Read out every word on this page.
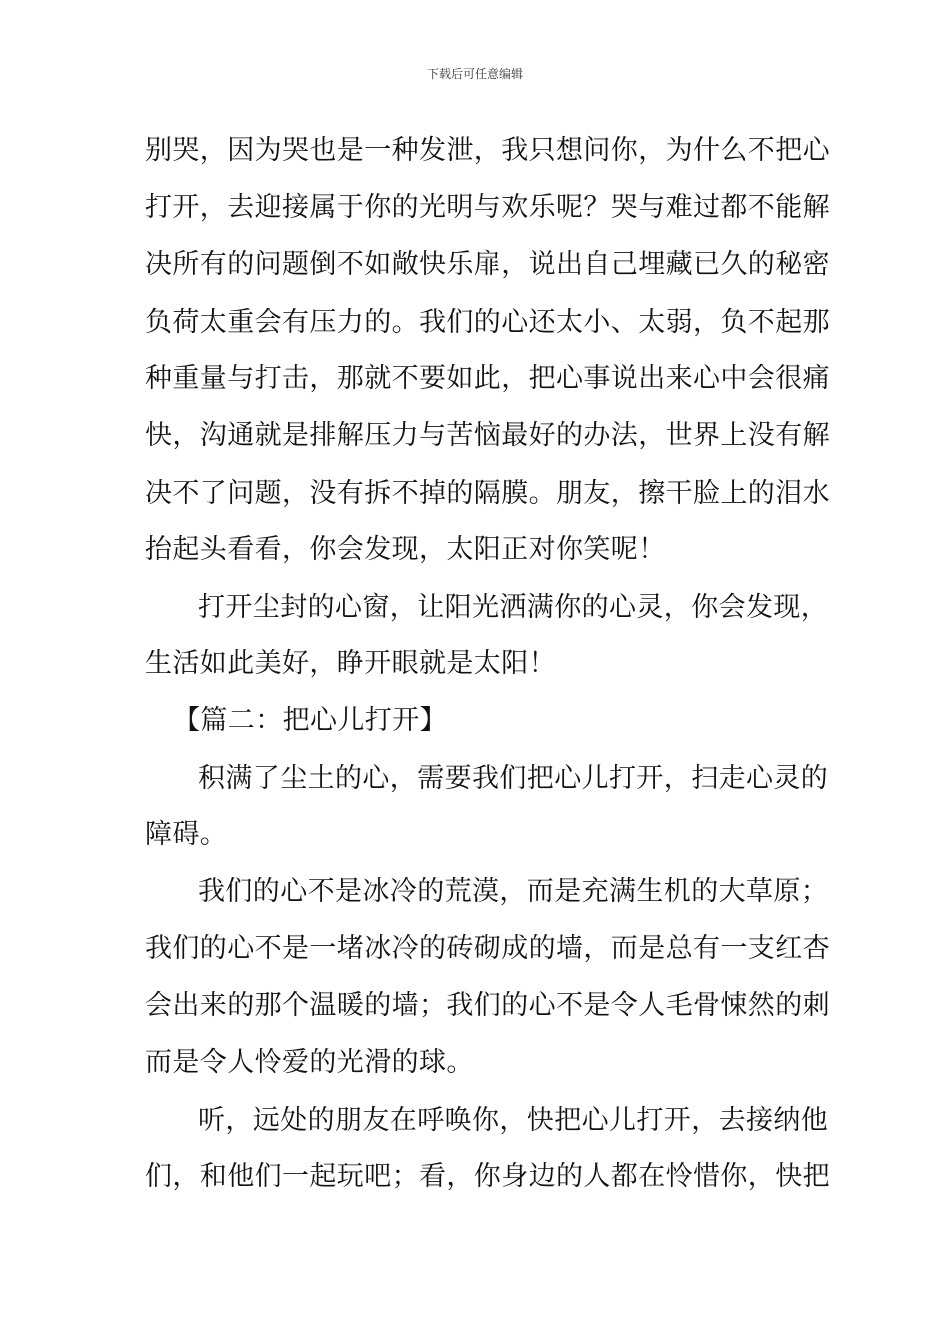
下载后可任意编辑
别哭，因为哭也是一种发泄，我只想问你，为什么不把心
打开，去迎接属于你的光明与欢乐呢？哭与难过都不能解
决所有的问题倒不如敞快乐扉，说出自己埋藏已久的秘密
负荷太重会有压力的。我们的心还太小、太弱，负不起那
种重量与打击，那就不要如此，把心事说出来心中会很痛
快，沟通就是排解压力与苦恼最好的办法，世界上没有解
决不了问题，没有拆不掉的隔膜。朋友，擦干脸上的泪水
抬起头看看，你会发现，太阳正对你笑呢！
打开尘封的心窗，让阳光洒满你的心灵，你会发现，
生活如此美好，睁开眼就是太阳！
【篇二：把心儿打开】
积满了尘土的心，需要我们把心儿打开，扫走心灵的
障碍。
我们的心不是冰冷的荒漠，而是充满生机的大草原；
我们的心不是一堵冰冷的砖砌成的墙，而是总有一支红杏
会出来的那个温暖的墙；我们的心不是令人毛骨悚然的刺
而是令人怜爱的光滑的球。
听，远处的朋友在呼唤你，快把心儿打开，去接纳他
们，和他们一起玩吧；看，你身边的人都在怜惜你，快把
